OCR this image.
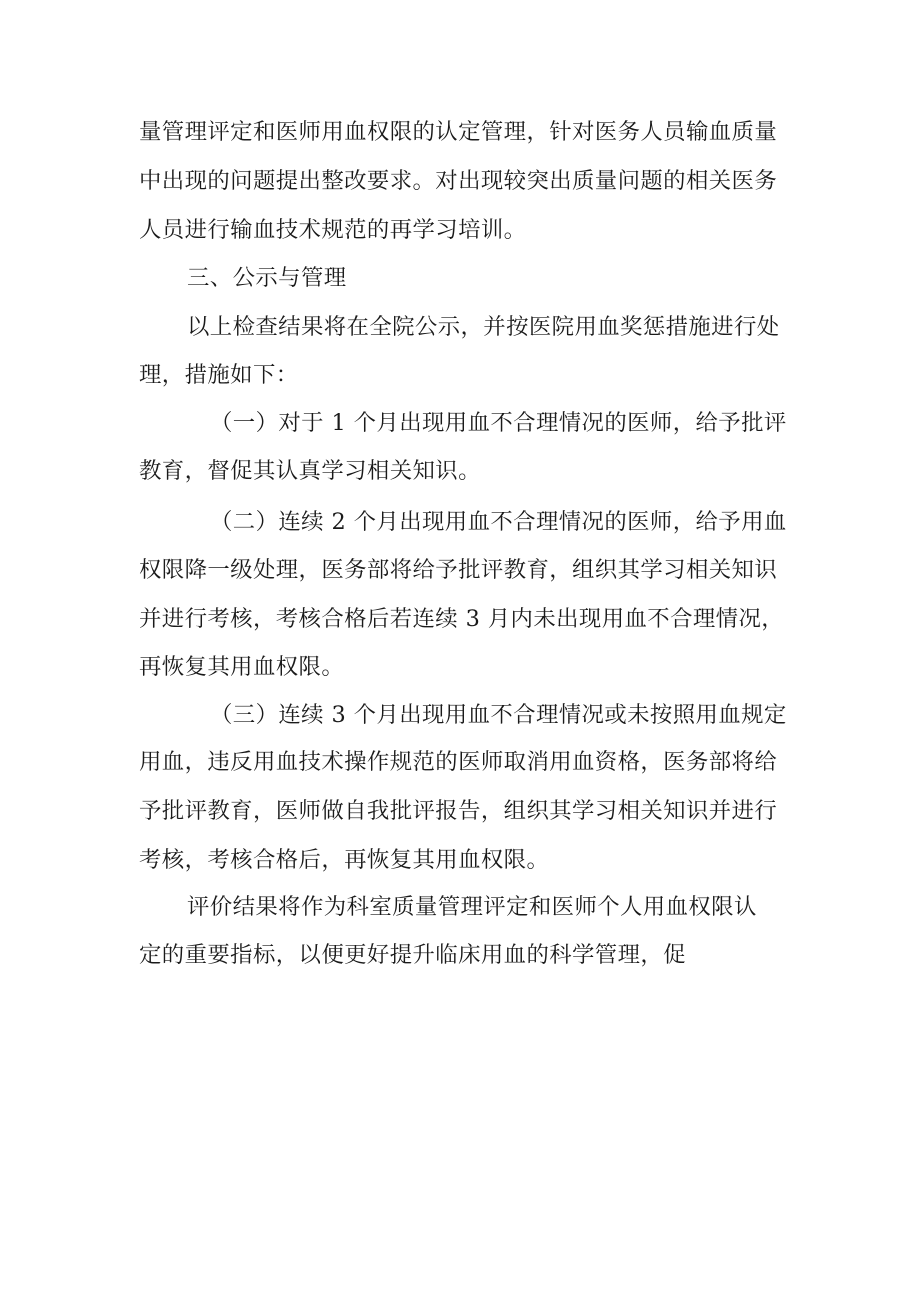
量管理评定和医师用血权限的认定管理，针对医务人员输血质量

中出现的问题提出整改要求。对出现较突出质量问题的相关医务

人员进行输血技术规范的再学习培训。

三、公示与管理

以上检查结果将在全院公示，并按医院用血奖惩措施进行处

理，措施如下：

（一）对于 1 个月出现用血不合理情况的医师，给予批评

教育，督促其认真学习相关知识。

（二）连续 2 个月出现用血不合理情况的医师，给予用血

权限降一级处理，医务部将给予批评教育，组织其学习相关知识

并进行考核，考核合格后若连续 3 月内未出现用血不合理情况，

再恢复其用血权限。

（三）连续 3 个月出现用血不合理情况或未按照用血规定

用血，违反用血技术操作规范的医师取消用血资格，医务部将给

予批评教育，医师做自我批评报告，组织其学习相关知识并进行

考核，考核合格后，再恢复其用血权限。

评价结果将作为科室质量管理评定和医师个人用血权限认

定的重要指标，以便更好提升临床用血的科学管理，促
